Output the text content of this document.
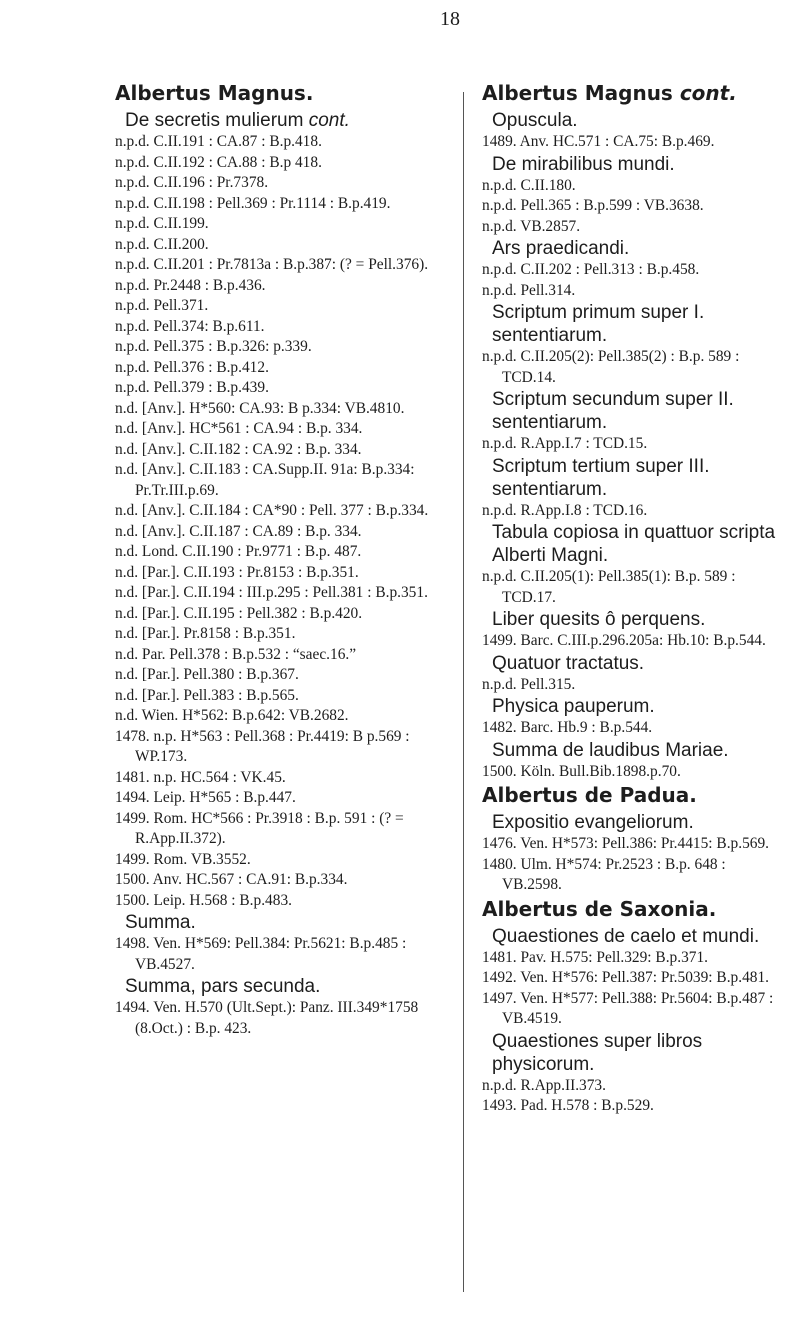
18
Albertus Magnus.
De secretis mulierum cont.
n.p.d. C.II.191 : CA.87 : B.p.418.
n.p.d. C.II.192 : CA.88 : B.p 418.
n.p.d. C.II.196 : Pr.7378.
n.p.d. C.II.198 : Pell.369 : Pr.1114 : B.p.419.
n.p.d. C.II.199.
n.p.d. C.II.200.
n.p.d. C.II.201 : Pr.7813a : B.p.387: (? = Pell.376).
n.p.d. Pr.2448 : B.p.436.
n.p.d. Pell.371.
n.p.d. Pell.374: B.p.611.
n.p.d. Pell.375 : B.p.326: p.339.
n.p.d. Pell.376 : B.p.412.
n.p.d. Pell.379 : B.p.439.
n.d. [Anv.]. H*560: CA.93: B p.334: VB.4810.
n.d. [Anv.]. HC*561 : CA.94 : B.p. 334.
n.d. [Anv.]. C.II.182 : CA.92 : B.p. 334.
n.d. [Anv.]. C.II.183 : CA.Supp.II. 91a: B.p.334: Pr.Tr.III.p.69.
n.d. [Anv.]. C.II.184 : CA*90 : Pell. 377 : B.p.334.
n.d. [Anv.]. C.II.187 : CA.89 : B.p. 334.
n.d. Lond. C.II.190 : Pr.9771 : B.p. 487.
n.d. [Par.]. C.II.193 : Pr.8153 : B.p.351.
n.d. [Par.]. C.II.194 : III.p.295 : Pell.381 : B.p.351.
n.d. [Par.]. C.II.195 : Pell.382 : B.p.420.
n.d. [Par.]. Pr.8158 : B.p.351.
n.d. Par. Pell.378 : B.p.532 : “saec.16.”
n.d. [Par.]. Pell.380 : B.p.367.
n.d. [Par.]. Pell.383 : B.p.565.
n.d. Wien. H*562: B.p.642: VB.2682.
1478. n.p. H*563 : Pell.368 : Pr.4419: B p.569 : WP.173.
1481. n.p. HC.564 : VK.45.
1494. Leip. H*565 : B.p.447.
1499. Rom. HC*566 : Pr.3918 : B.p. 591 : (? = R.App.II.372).
1499. Rom. VB.3552.
1500. Anv. HC.567 : CA.91: B.p.334.
1500. Leip. H.568 : B.p.483.
Summa.
1498. Ven. H*569: Pell.384: Pr.5621: B.p.485 : VB.4527.
Summa, pars secunda.
1494. Ven. H.570 (Ult.Sept.): Panz. III.349*1758 (8.Oct.) : B.p. 423.
Albertus Magnus cont.
Opuscula.
1489. Anv. HC.571 : CA.75: B.p.469.
De mirabilibus mundi.
n.p.d. C.II.180.
n.p.d. Pell.365 : B.p.599 : VB.3638.
n.p.d. VB.2857.
Ars praedicandi.
n.p.d. C.II.202 : Pell.313 : B.p.458.
n.p.d. Pell.314.
Scriptum primum super I. sententiarum.
n.p.d. C.II.205(2): Pell.385(2) : B.p. 589 : TCD.14.
Scriptum secundum super II. sententiarum.
n.p.d. R.App.I.7 : TCD.15.
Scriptum tertium super III. sententiarum.
n.p.d. R.App.I.8 : TCD.16.
Tabula copiosa in quattuor scripta Alberti Magni.
n.p.d. C.II.205(1): Pell.385(1): B.p. 589 : TCD.17.
Liber quesits ô perquens.
1499. Barc. C.III.p.296.205a: Hb.10: B.p.544.
Quatuor tractatus.
n.p.d. Pell.315.
Physica pauperum.
1482. Barc. Hb.9 : B.p.544.
Summa de laudibus Mariae.
1500. Köln. Bull.Bib.1898.p.70.
Albertus de Padua.
Expositio evangeliorum.
1476. Ven. H*573: Pell.386: Pr.4415: B.p.569.
1480. Ulm. H*574: Pr.2523 : B.p. 648 : VB.2598.
Albertus de Saxonia.
Quaestiones de caelo et mundi.
1481. Pav. H.575: Pell.329: B.p.371.
1492. Ven. H*576: Pell.387: Pr.5039: B.p.481.
1497. Ven. H*577: Pell.388: Pr.5604: B.p.487 : VB.4519.
Quaestiones super libros physicorum.
n.p.d. R.App.II.373.
1493. Pad. H.578 : B.p.529.
